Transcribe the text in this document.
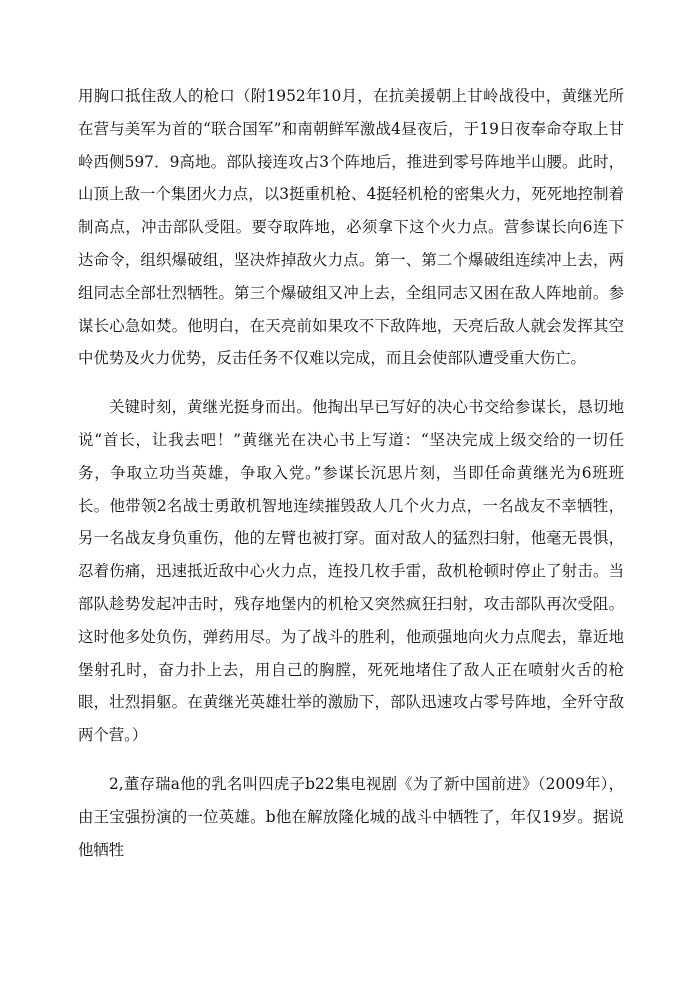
用胸口抵住敌人的枪口（附1952年10月，在抗美援朝上甘岭战役中，黄继光所在营与美军为首的“联合国军”和南朝鲜军激战4昼夜后，于19日夜奉命夺取上甘岭西侧597．9高地。部队接连攻占3个阵地后，推进到零号阵地半山腰。此时，山顶上敌一个集团火力点，以3挺重机枪、4挺轻机枪的密集火力，死死地控制着制高点，冲击部队受阻。要夺取阵地，必须拿下这个火力点。营参谋长向6连下达命令，组织爆破组，坚决炸掉敌火力点。第一、第二个爆破组连续冲上去，两组同志全部壮烈牺牲。第三个爆破组又冲上去，全组同志又困在敌人阵地前。参谋长心急如焚。他明白，在天亮前如果攻不下敌阵地，天亮后敌人就会发挥其空中优势及火力优势，反击任务不仅难以完成，而且会使部队遭受重大伤亡。

关键时刻，黄继光挺身而出。他掏出早已写好的决心书交给参谋长，恳切地说“首长，让我去吧！”黄继光在决心书上写道：“坚决完成上级交给的一切任务，争取立功当英雄，争取入党。”参谋长沉思片刻，当即任命黄继光为6班班长。他带领2名战士勇敢机智地连续摧毁敌人几个火力点，一名战友不幸牺牲，另一名战友身负重伤，他的左臂也被打穿。面对敌人的猛烈扫射，他毫无畏惧，忍着伤痛，迅速抵近敌中心火力点，连投几枚手雷，敌机枪顿时停止了射击。当部队趁势发起冲击时，残存地堡内的机枪又突然疯狂扫射，攻击部队再次受阻。这时他多处负伤，弹药用尽。为了战斗的胜利，他顽强地向火力点爬去，靠近地堡射孔时，奋力扑上去，用自己的胸膛，死死地堵住了敌人正在喷射火舌的枪眼，壮烈捐躯。在黄继光英雄壮举的激励下，部队迅速攻占零号阵地，全歼守敌两个营。）

2,董存瑞a他的乳名叫四虎子b22集电视剧《为了新中国前进》（2009年），由王宝强扮演的一位英雄。b他在解放隆化城的战斗中牺牲了，年仅19岁。据说他牺牲
